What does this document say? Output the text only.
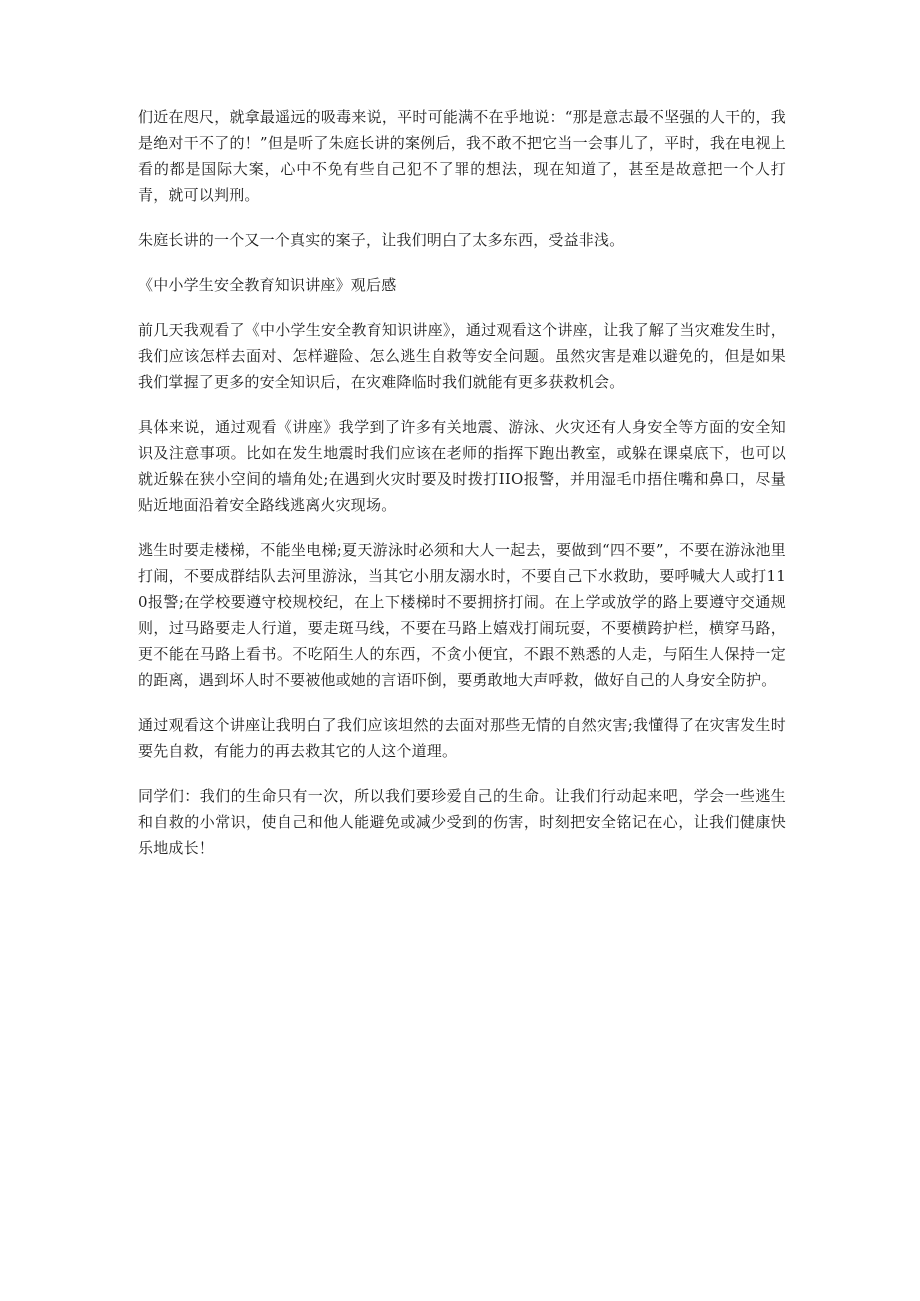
们近在咫尺，就拿最遥远的吸毒来说，平时可能满不在乎地说：“那是意志最不坚强的人干的，我是绝对干不了的！”但是听了朱庭长讲的案例后，我不敢不把它当一会事儿了，平时，我在电视上看的都是国际大案，心中不免有些自己犯不了罪的想法，现在知道了，甚至是故意把一个人打青，就可以判刑。

朱庭长讲的一个又一个真实的案子，让我们明白了太多东西，受益非浅。

《中小学生安全教育知识讲座》观后感

前几天我观看了《中小学生安全教育知识讲座》，通过观看这个讲座，让我了解了当灾难发生时，我们应该怎样去面对、怎样避险、怎么逃生自救等安全问题。虽然灾害是难以避免的，但是如果我们掌握了更多的安全知识后，在灾难降临时我们就能有更多获救机会。

具体来说，通过观看《讲座》我学到了许多有关地震、游泳、火灾还有人身安全等方面的安全知识及注意事项。比如在发生地震时我们应该在老师的指挥下跑出教室，或躲在课桌底下，也可以就近躲在狭小空间的墙角处;在遇到火灾时要及时拨打IIO报警，并用湿毛巾捂住嘴和鼻口，尽量贴近地面沿着安全路线逃离火灾现场。

逃生时要走楼梯，不能坐电梯;夏天游泳时必须和大人一起去，要做到“四不要”，不要在游泳池里打闹，不要成群结队去河里游泳，当其它小朋友溺水时，不要自己下水救助，要呼喊大人或打110报警;在学校要遵守校规校纪，在上下楼梯时不要拥挤打闹。在上学或放学的路上要遵守交通规则，过马路要走人行道，要走斑马线，不要在马路上嬉戏打闹玩耍，不要横跨护栏，横穿马路，更不能在马路上看书。不吃陌生人的东西，不贪小便宜，不跟不熟悉的人走，与陌生人保持一定的距离，遇到坏人时不要被他或她的言语吓倒，要勇敢地大声呼救，做好自己的人身安全防护。

通过观看这个讲座让我明白了我们应该坦然的去面对那些无情的自然灾害;我懂得了在灾害发生时要先自救，有能力的再去救其它的人这个道理。

同学们：我们的生命只有一次，所以我们要珍爱自己的生命。让我们行动起来吧，学会一些逃生和自救的小常识，使自己和他人能避免或减少受到的伤害，时刻把安全铭记在心，让我们健康快乐地成长！
